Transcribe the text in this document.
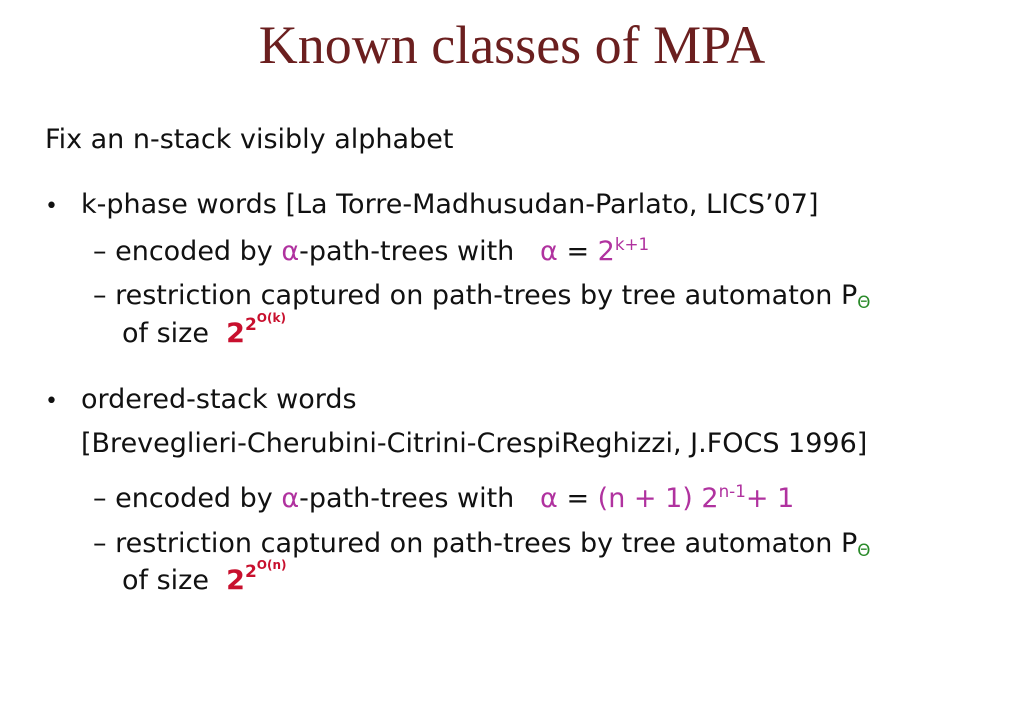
Known classes of MPA
Fix an n-stack visibly alphabet
• k-phase words [La Torre-Madhusudan-Parlato, LICS’07]
– encoded by α-path-trees with $\alpha = 2^{k+1}$
– restriction captured on path-trees by tree automaton $P_\Theta$
of size $2^{2O(k)}$
• ordered-stack words
[Breveglieri-Cherubini-Citrini-CrespiReghizzi, J.FOCS 1996]
– encoded by α-path-trees with α = (n + 1) $2^{n-1}+ 1$
– restriction captured on path-trees by tree automaton $P_\Theta$
of size $2^{2O(n)}$
